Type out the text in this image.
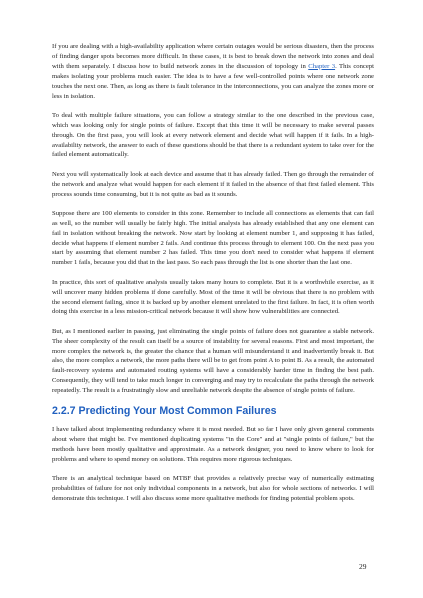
If you are dealing with a high-availability application where certain outages would be serious disasters, then the process of finding danger spots becomes more difficult. In these cases, it is best to break down the network into zones and deal with them separately. I discuss how to build network zones in the discussion of topology in Chapter 3. This concept makes isolating your problems much easier. The idea is to have a few well-controlled points where one network zone touches the next one. Then, as long as there is fault tolerance in the interconnections, you can analyze the zones more or less in isolation.

To deal with multiple failure situations, you can follow a strategy similar to the one described in the previous case, which was looking only for single points of failure. Except that this time it will be necessary to make several passes through. On the first pass, you will look at every network element and decide what will happen if it fails. In a high-availability network, the answer to each of these questions should be that there is a redundant system to take over for the failed element automatically.

Next you will systematically look at each device and assume that it has already failed. Then go through the remainder of the network and analyze what would happen for each element if it failed in the absence of that first failed element. This process sounds time consuming, but it is not quite as bad as it sounds.

Suppose there are 100 elements to consider in this zone. Remember to include all connections as elements that can fail as well, so the number will usually be fairly high. The initial analysis has already established that any one element can fail in isolation without breaking the network. Now start by looking at element number 1, and supposing it has failed, decide what happens if element number 2 fails. And continue this process through to element 100. On the next pass you start by assuming that element number 2 has failed. This time you don't need to consider what happens if element number 1 fails, because you did that in the last pass. So each pass through the list is one shorter than the last one.

In practice, this sort of qualitative analysis usually takes many hours to complete. But it is a worthwhile exercise, as it will uncover many hidden problems if done carefully. Most of the time it will be obvious that there is no problem with the second element failing, since it is backed up by another element unrelated to the first failure. In fact, it is often worth doing this exercise in a less mission-critical network because it will show how vulnerabilities are connected.

But, as I mentioned earlier in passing, just eliminating the single points of failure does not guarantee a stable network. The sheer complexity of the result can itself be a source of instability for several reasons. First and most important, the more complex the network is, the greater the chance that a human will misunderstand it and inadvertently break it. But also, the more complex a network, the more paths there will be to get from point A to point B. As a result, the automated fault-recovery systems and automated routing systems will have a considerably harder time in finding the best path. Consequently, they will tend to take much longer in converging and may try to recalculate the paths through the network repeatedly. The result is a frustratingly slow and unreliable network despite the absence of single points of failure.

2.2.7 Predicting Your Most Common Failures

I have talked about implementing redundancy where it is most needed. But so far I have only given general comments about where that might be. I've mentioned duplicating systems "in the Core" and at "single points of failure," but the methods have been mostly qualitative and approximate. As a network designer, you need to know where to look for problems and where to spend money on solutions. This requires more rigorous techniques.

There is an analytical technique based on MTBF that provides a relatively precise way of numerically estimating probabilities of failure for not only individual components in a network, but also for whole sections of networks. I will demonstrate this technique. I will also discuss some more qualitative methods for finding potential problem spots.

29
